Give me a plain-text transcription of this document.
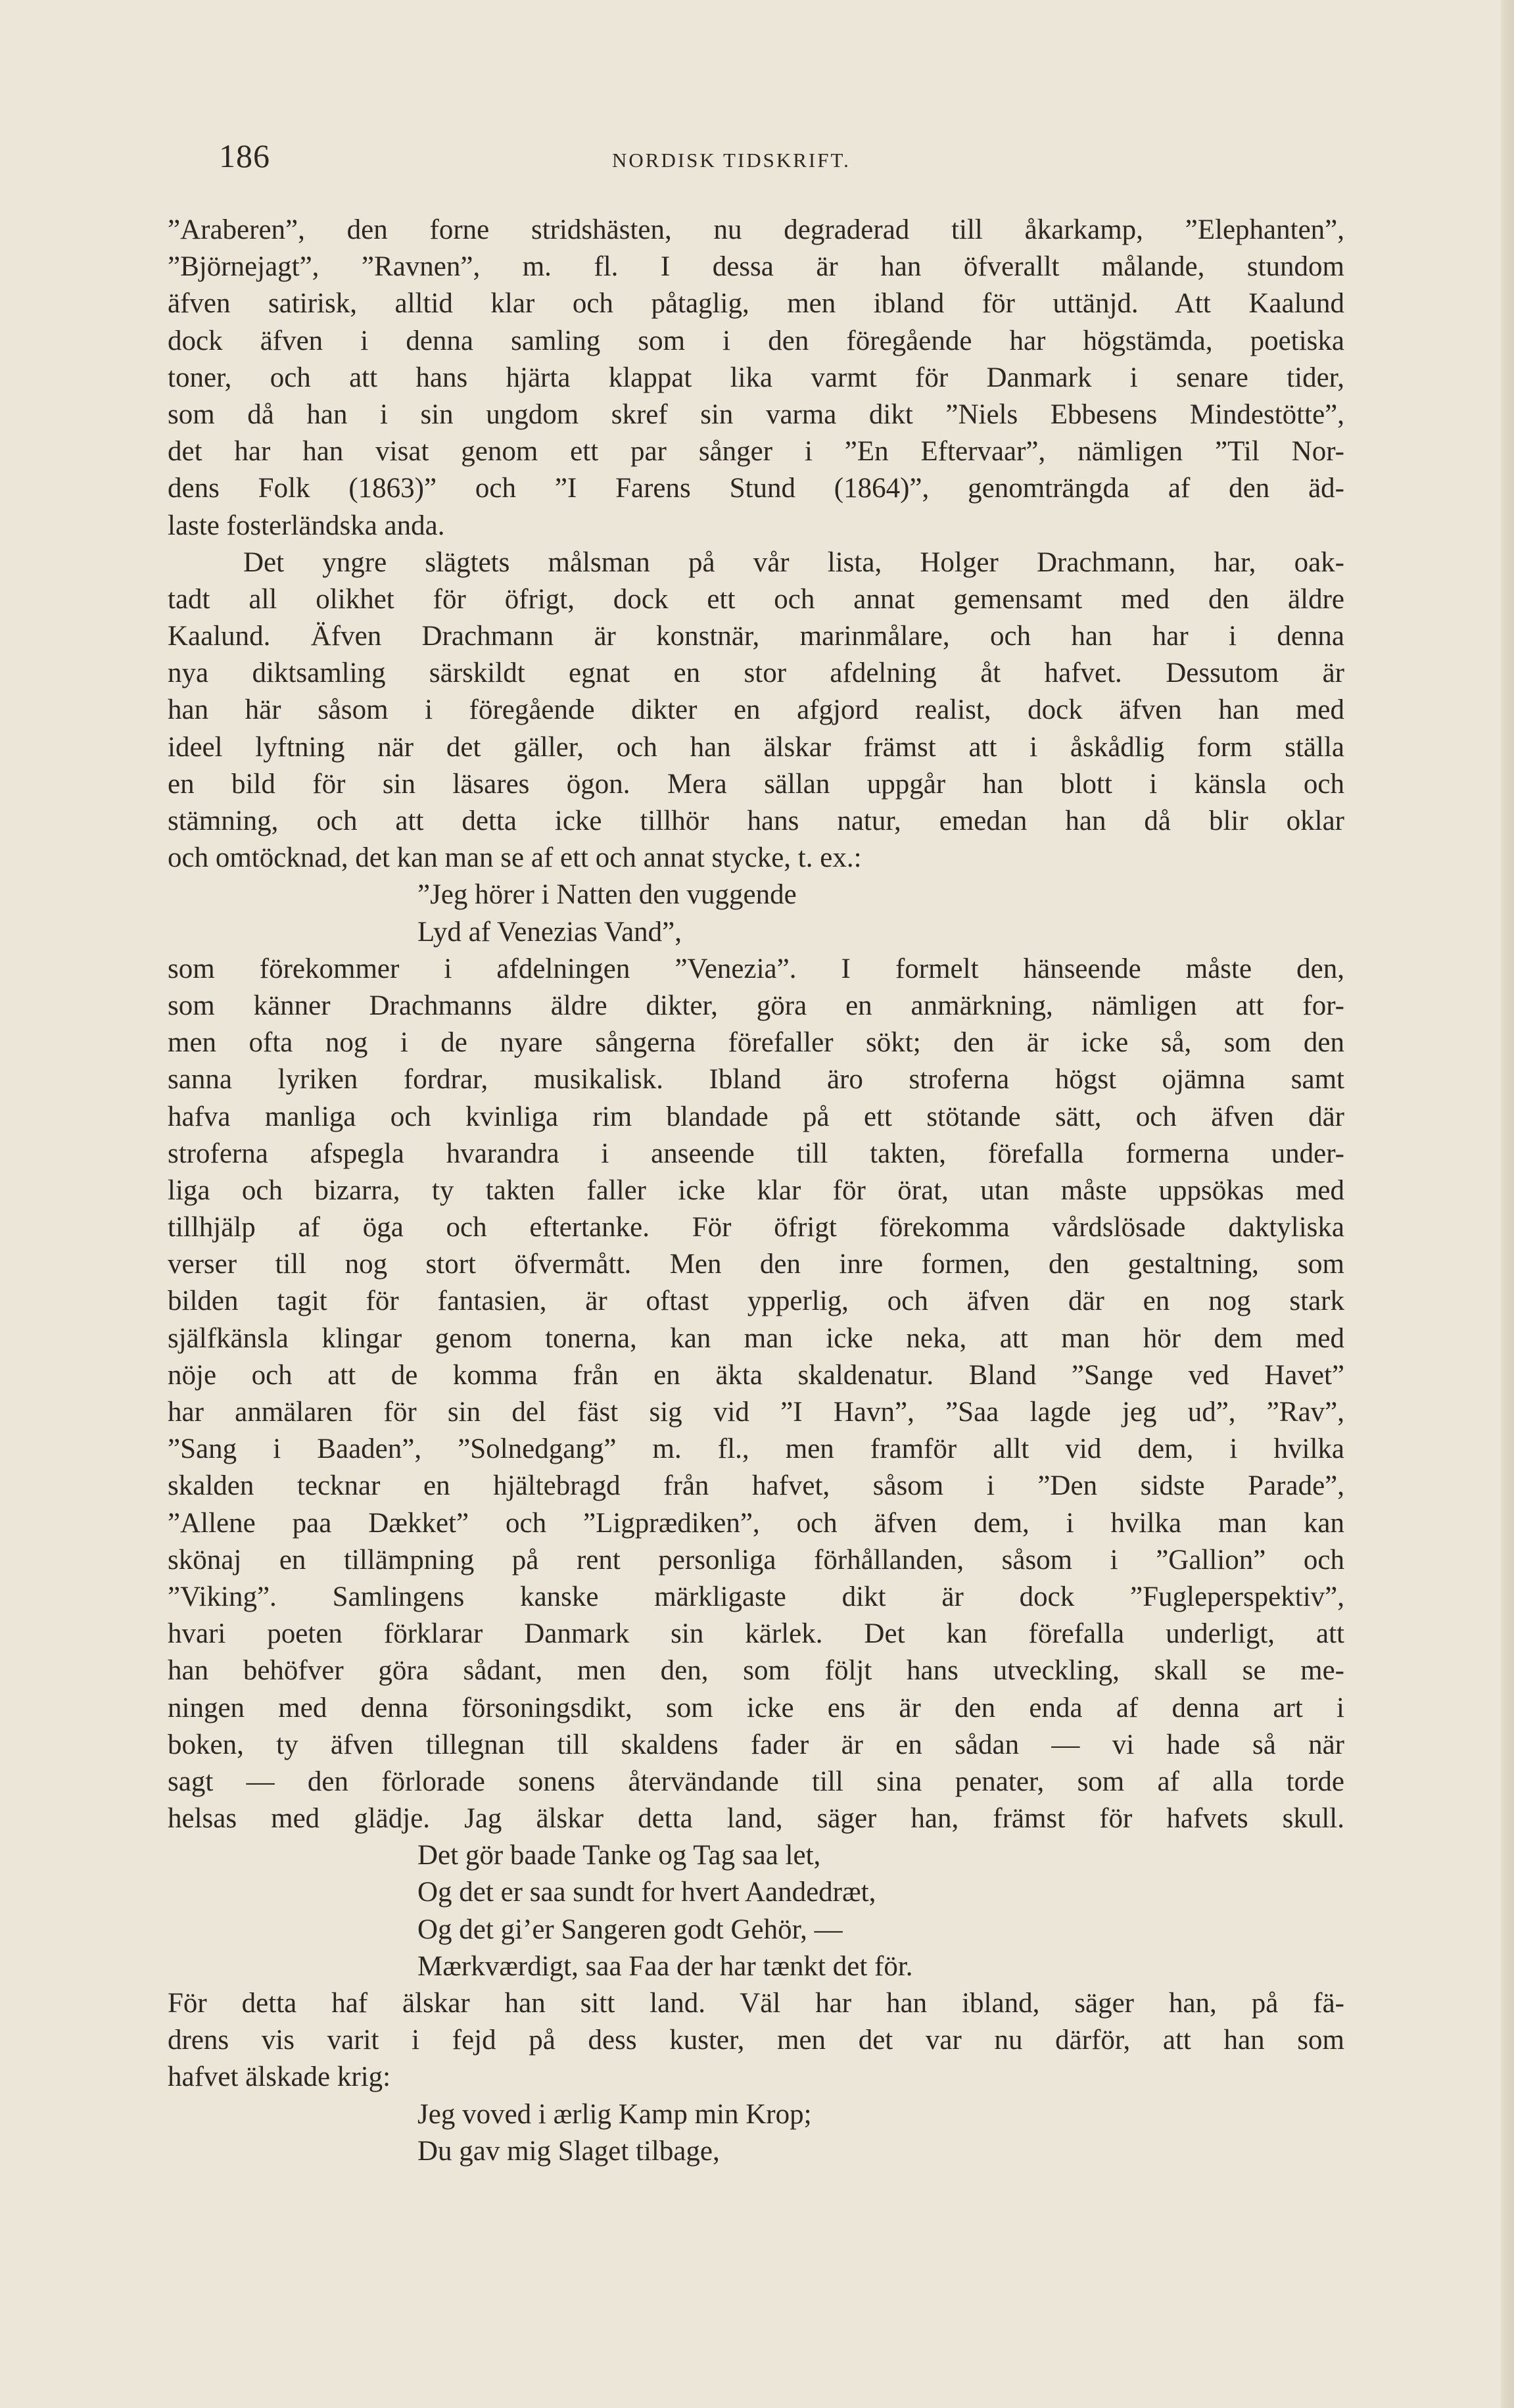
186	NORDISK TIDSKRIFT.
”Araberen”, den forne stridshästen, nu degraderad till åkarkamp, ”Elephanten”,
”Björnejagt”, ”Ravnen”, m. fl. I dessa är han öfverallt målande, stundom
äfven satirisk, alltid klar och påtaglig, men ibland för uttänjd. Att Kaalund
dock äfven i denna samling som i den föregående har högstämda, poetiska
toner, och att hans hjärta klappat lika varmt för Danmark i senare tider,
som då han i sin ungdom skref sin varma dikt ”Niels Ebbesens Mindestötte”,
det har han visat genom ett par sånger i ”En Eftervaar”, nämligen ”Til Nor-
dens Folk (1863)” och ”I Farens Stund (1864)”, genomträngda af den äd-
laste fosterländska anda.
Det yngre slägtets målsman på vår lista, Holger Drachmann, har, oak-
tadt all olikhet för öfrigt, dock ett och annat gemensamt med den äldre
Kaalund. Äfven Drachmann är konstnär, marinmålare, och han har i denna
nya diktsamling särskildt egnat en stor afdelning åt hafvet. Dessutom är
han här såsom i föregående dikter en afgjord realist, dock äfven han med
ideel lyftning när det gäller, och han älskar främst att i åskådlig form ställa
en bild för sin läsares ögon. Mera sällan uppgår han blott i känsla och
stämning, och att detta icke tillhör hans natur, emedan han då blir oklar
och omtöcknad, det kan man se af ett och annat stycke, t. ex.:
”Jeg hörer i Natten den vuggende
Lyd af Venezias Vand”,
som förekommer i afdelningen ”Venezia”. I formelt hänseende måste den,
som känner Drachmanns äldre dikter, göra en anmärkning, nämligen att for-
men ofta nog i de nyare sångerna förefaller sökt; den är icke så, som den
sanna lyriken fordrar, musikalisk. Ibland äro stroferna högst ojämna samt
hafva manliga och kvinliga rim blandade på ett stötande sätt, och äfven där
stroferna afspegla hvarandra i anseende till takten, förefalla formerna under-
liga och bizarra, ty takten faller icke klar för örat, utan måste uppsökas med
tillhjälp af öga och eftertanke. För öfrigt förekomma vårdslösade daktyliska
verser till nog stort öfvermått. Men den inre formen, den gestaltning, som
bilden tagit för fantasien, är oftast ypperlig, och äfven där en nog stark
själfkänsla klingar genom tonerna, kan man icke neka, att man hör dem med
nöje och att de komma från en äkta skaldenatur. Bland ”Sange ved Havet”
har anmälaren för sin del fäst sig vid ”I Havn”, ”Saa lagde jeg ud”, ”Rav”,
”Sang i Baaden”, ”Solnedgang” m. fl., men framför allt vid dem, i hvilka
skalden tecknar en hjältebragd från hafvet, såsom i ”Den sidste Parade”,
”Allene paa Dækket” och ”Ligprædiken”, och äfven dem, i hvilka man kan
skönaj en tillämpning på rent personliga förhållanden, såsom i ”Gallion” och
”Viking”. Samlingens kanske märkligaste dikt är dock ”Fugleperspektiv”,
hvari poeten förklarar Danmark sin kärlek. Det kan förefalla underligt, att
han behöfver göra sådant, men den, som följt hans utveckling, skall se me-
ningen med denna försoningsdikt, som icke ens är den enda af denna art i
boken, ty äfven tillegnan till skaldens fader är en sådan — vi hade så när
sagt — den förlorade sonens återvändande till sina penater, som af alla torde
helsas med glädje. Jag älskar detta land, säger han, främst för hafvets skull.
Det gör baade Tanke og Tag saa let,
Og det er saa sundt for hvert Aandedræt,
Og det gi’er Sangeren godt Gehör, —
Mærkværdigt, saa Faa der har tænkt det för.
För detta haf älskar han sitt land. Väl har han ibland, säger han, på fä-
drens vis varit i fejd på dess kuster, men det var nu därför, att han som
hafvet älskade krig:
Jeg voved i ærlig Kamp min Krop;
Du gav mig Slaget tilbage,
